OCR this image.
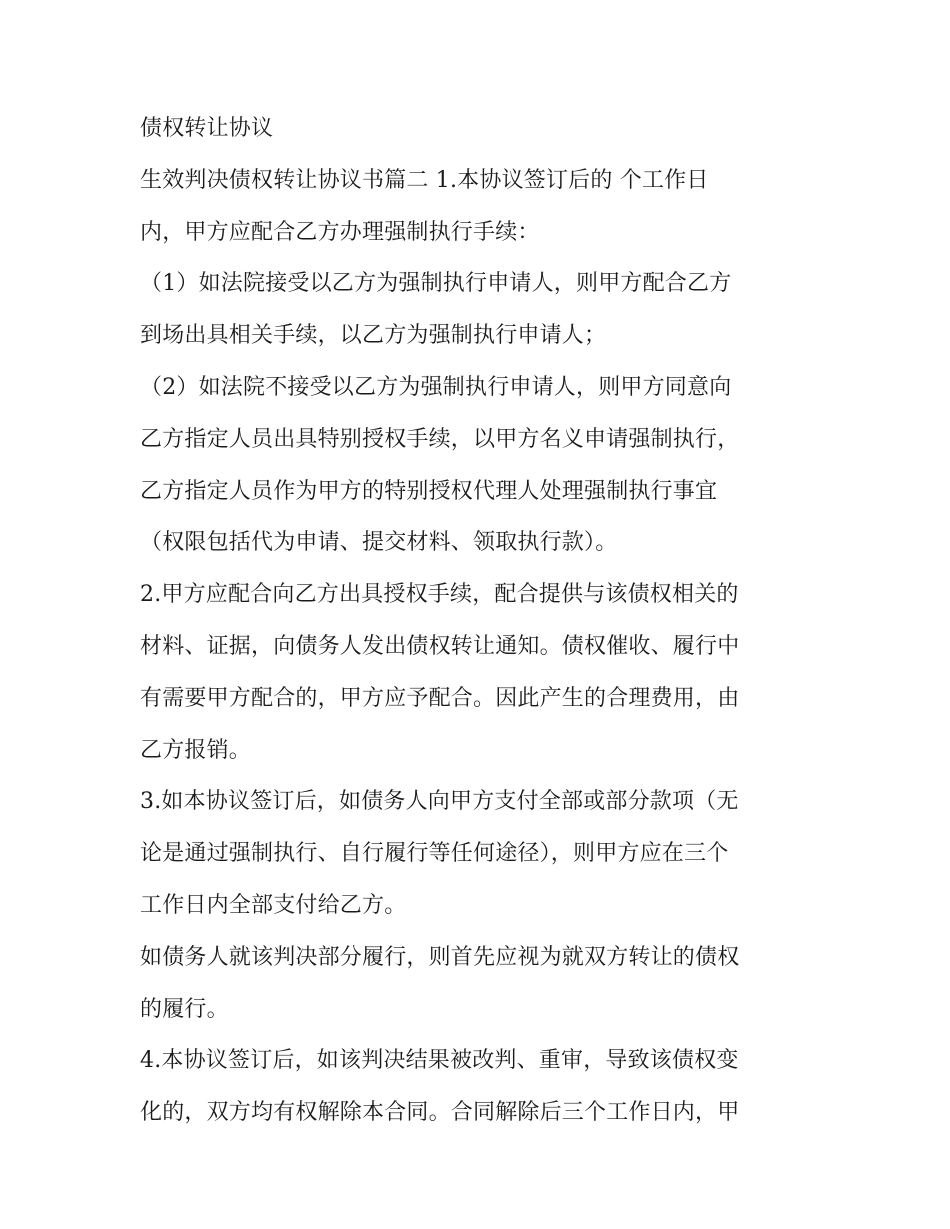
债权转让协议
生效判决债权转让协议书篇二 1.本协议签订后的 个工作日
内，甲方应配合乙方办理强制执行手续：
（1）如法院接受以乙方为强制执行申请人，则甲方配合乙方
到场出具相关手续，以乙方为强制执行申请人；
（2）如法院不接受以乙方为强制执行申请人，则甲方同意向
乙方指定人员出具特别授权手续，以甲方名义申请强制执行，
乙方指定人员作为甲方的特别授权代理人处理强制执行事宜
（权限包括代为申请、提交材料、领取执行款）。
2.甲方应配合向乙方出具授权手续，配合提供与该债权相关的
材料、证据，向债务人发出债权转让通知。债权催收、履行中
有需要甲方配合的，甲方应予配合。因此产生的合理费用，由
乙方报销。
3.如本协议签订后，如债务人向甲方支付全部或部分款项（无
论是通过强制执行、自行履行等任何途径），则甲方应在三个
工作日内全部支付给乙方。
如债务人就该判决部分履行，则首先应视为就双方转让的债权
的履行。
4.本协议签订后，如该判决结果被改判、重审，导致该债权变
化的，双方均有权解除本合同。合同解除后三个工作日内，甲
